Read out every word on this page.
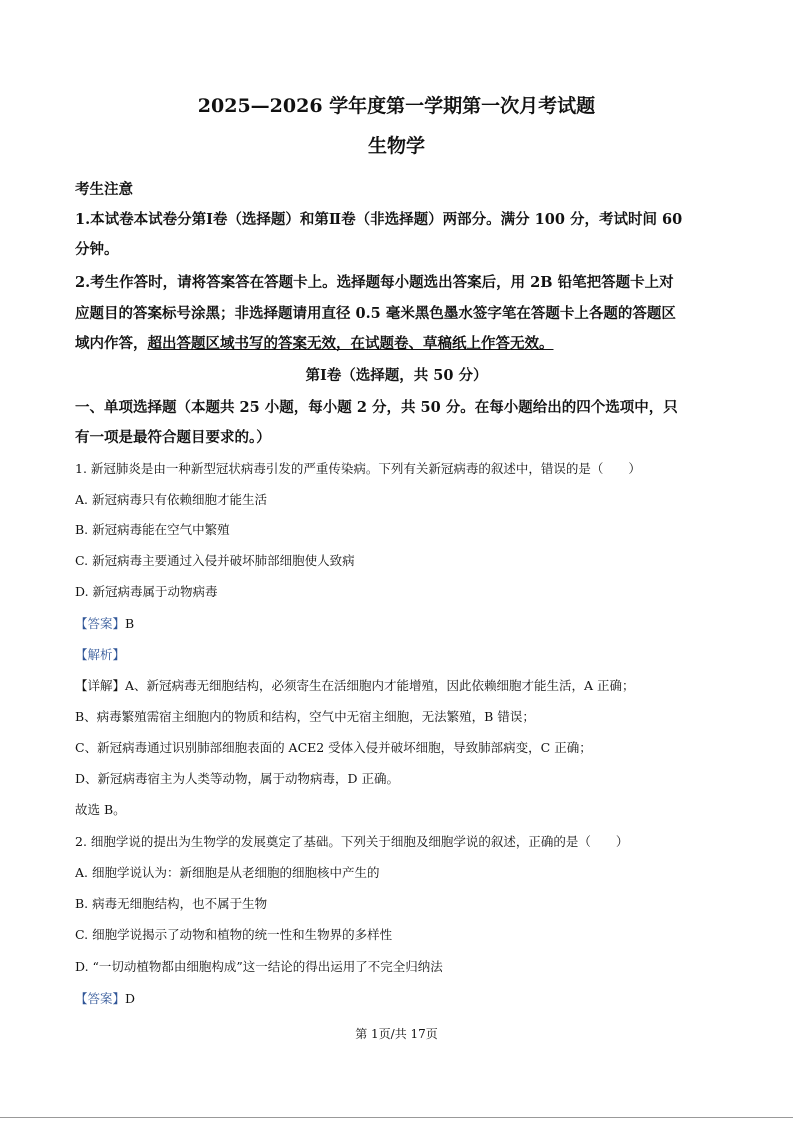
2025—2026 学年度第一学期第一次月考试题
生物学
考生注意
1.本试卷本试卷分第Ⅰ卷（选择题）和第Ⅱ卷（非选择题）两部分。满分 100 分，考试时间 60
分钟。
2.考生作答时，请将答案答在答题卡上。选择题每小题选出答案后，用 2B 铅笔把答题卡上对
应题目的答案标号涂黑；非选择题请用直径 0.5 毫米黑色墨水签字笔在答题卡上各题的答题区
域内作答，超出答题区域书写的答案无效，在试题卷、草稿纸上作答无效。
第Ⅰ卷（选择题，共 50 分）
一、单项选择题（本题共 25 小题，每小题 2 分，共 50 分。在每小题给出的四个选项中，只
有一项是最符合题目要求的。）
1. 新冠肺炎是由一种新型冠状病毒引发的严重传染病。下列有关新冠病毒的叙述中，错误的是（　　）
A. 新冠病毒只有依赖细胞才能生活
B. 新冠病毒能在空气中繁殖
C. 新冠病毒主要通过入侵并破坏肺部细胞使人致病
D. 新冠病毒属于动物病毒
【答案】B
【解析】
【详解】A、新冠病毒无细胞结构，必须寄生在活细胞内才能增殖，因此依赖细胞才能生活，A 正确；
B、病毒繁殖需宿主细胞内的物质和结构，空气中无宿主细胞，无法繁殖，B 错误；
C、新冠病毒通过识别肺部细胞表面的 ACE2 受体入侵并破坏细胞，导致肺部病变，C 正确；
D、新冠病毒宿主为人类等动物，属于动物病毒，D 正确。
故选 B。
2. 细胞学说的提出为生物学的发展奠定了基础。下列关于细胞及细胞学说的叙述，正确的是（　　）
A. 细胞学说认为：新细胞是从老细胞的细胞核中产生的
B. 病毒无细胞结构，也不属于生物
C. 细胞学说揭示了动物和植物的统一性和生物界的多样性
D. “一切动植物都由细胞构成”这一结论的得出运用了不完全归纳法
【答案】D
第 1页/共 17页
